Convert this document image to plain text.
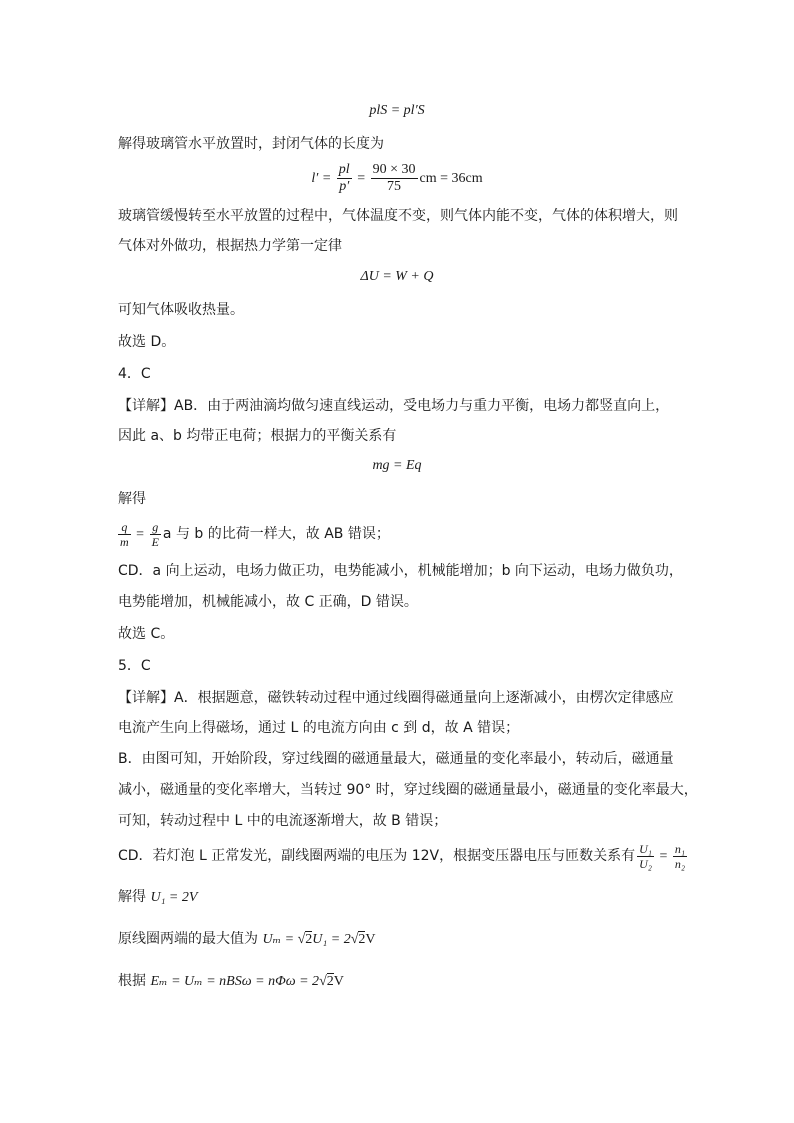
plS = pl′S
解得玻璃管水平放置时，封闭气体的长度为
$l' = \frac{pl}{p'} = \frac{90 \times 30}{75}$ cm = 36cm
玻璃管缓慢转至水平放置的过程中，气体温度不变，则气体内能不变，气体的体积增大，则
气体对外做功，根据热力学第一定律
ΔU = W + Q
可知气体吸收热量。
故选 D。
4．C
【详解】AB．由于两油滴均做匀速直线运动，受电场力与重力平衡，电场力都竖直向上，
因此 a、b 均带正电荷；根据力的平衡关系有
mg = Eq
解得
$\frac{q}{m} = \frac{g}{E}$ a 与 b 的比荷一样大，故 AB 错误；
CD．a 向上运动，电场力做正功，电势能减小，机械能增加；b 向下运动，电场力做负功，
电势能增加，机械能减小，故 C 正确，D 错误。
故选 C。
5．C
【详解】A．根据题意，磁铁转动过程中通过线圈得磁通量向上逐渐减小，由楞次定律感应
电流产生向上得磁场，通过 L 的电流方向由 c 到 d，故 A 错误；
B．由图可知，开始阶段，穿过线圈的磁通量最大，磁通量的变化率最小，转动后，磁通量
减小，磁通量的变化率增大，当转过 90° 时，穿过线圈的磁通量最小，磁通量的变化率最大，
可知，转动过程中 L 中的电流逐渐增大，故 B 错误；
CD．若灯泡 L 正常发光，副线圈两端的电压为 12V，根据变压器电压与匝数关系有 $\frac{\text{U₁}}{\text{U₂}} = \frac{\text{n₁}}{\text{n₂}}$
解得 U₁ = 2V
原线圈两端的最大值为 Uₘ = √2U₁ = 2√2V
根据 Eₘ = Uₘ = nBSω = nΦω = 2√2V
